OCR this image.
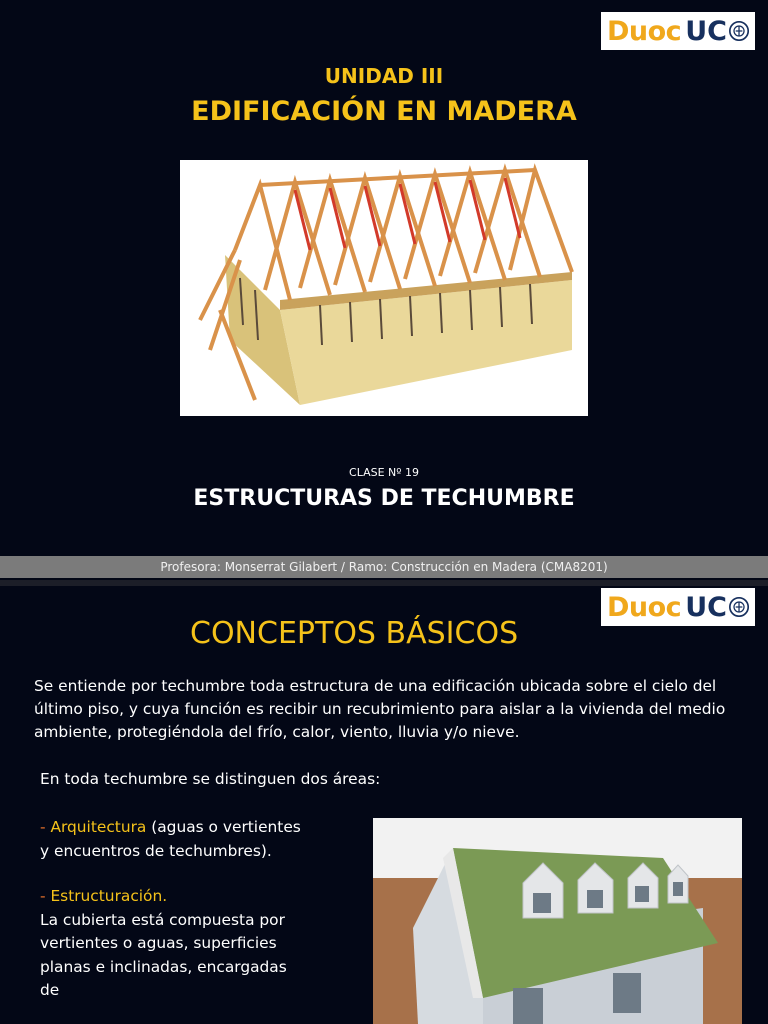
Duoc UC
UNIDAD III
EDIFICACIÓN EN MADERA
CLASE Nº 19
ESTRUCTURAS DE TECHUMBRE
Profesora: Monserrat Gilabert / Ramo: Construcción en Madera (CMA8201)
Duoc UC
CONCEPTOS BÁSICOS
Se entiende por techumbre toda estructura de una edificación ubicada sobre el cielo del último piso, y cuya función es recibir un recubrimiento para aislar a la vivienda del medio ambiente, protegiéndola del frío, calor, viento, lluvia y/o nieve.
En toda techumbre se distinguen dos áreas:
- Arquitectura (aguas o vertientes y encuentros de techumbres).
- Estructuración.
La cubierta está compuesta por vertientes o aguas, superficies planas e inclinadas, encargadas de
